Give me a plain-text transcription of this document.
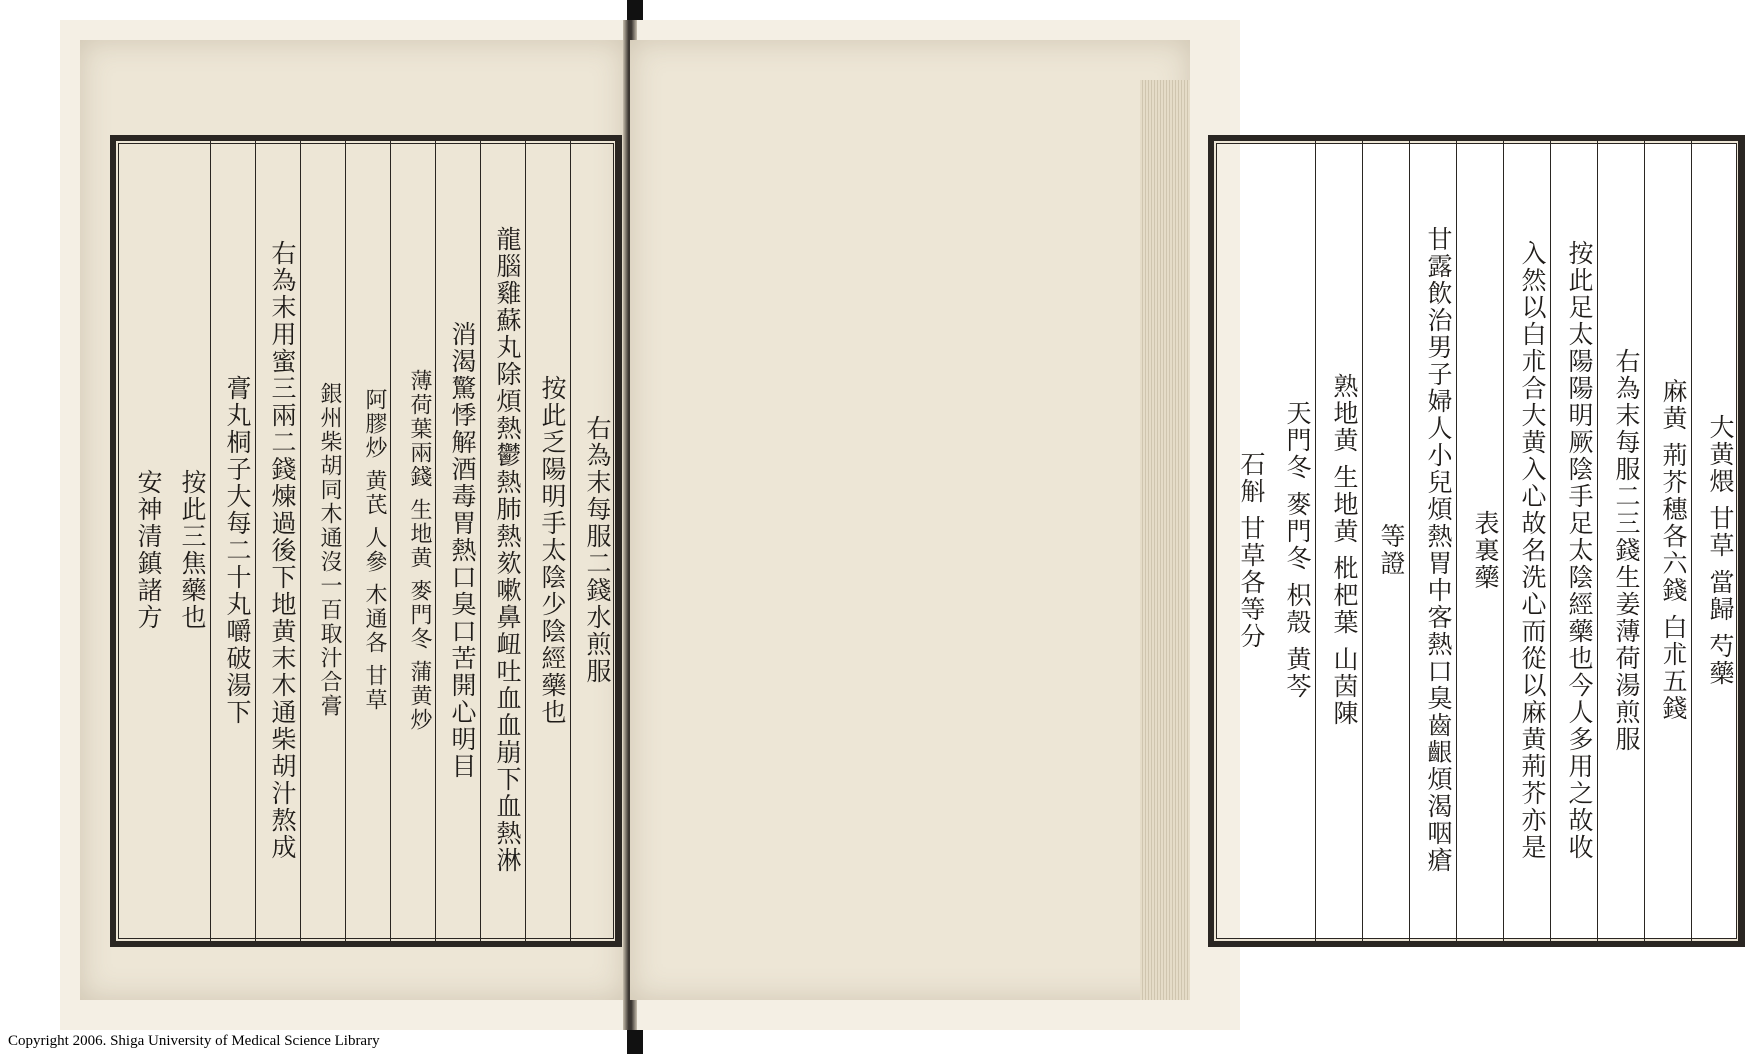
右為末每服二錢水煎服
按此乏陽明手太陰少陰經藥也
龍腦雞蘇丸除煩熱鬱熱肺熱欬嗽鼻衄吐血血崩下血熱淋
消渴驚悸解酒毒胃熱口臭口苦開心明目
薄荷葉兩錢 生地黄 麥門冬 蒲黄炒
阿膠炒 黄芪 人參 木通各 甘草
銀州柴胡同木通沒一百取汁合膏
右為末用蜜三兩二錢煉過後下地黄末木通柴胡汁熬成
膏丸桐子大每二十丸嚼破湯下
按此三焦藥也
安神清鎮諸方	大黄煨 甘草 當歸 芍藥
麻黄 荊芥穗各六錢 白朮五錢
右為末每服二三錢生姜薄荷湯煎服
按此足太陽陽明厥陰手足太陰經藥也今人多用之故收
入然以白朮合大黄入心故名洗心而從以麻黄荊芥亦是
表裏藥
甘露飲治男子婦人小兒煩熱胃中客熱口臭齒齦煩渴咽瘡
等證
熟地黄 生地黄 枇杷葉 山茵陳
天門冬 麥門冬 枳殼 黄芩
石斛 甘草各等分
Copyright 2006. Shiga University of Medical Science Library
